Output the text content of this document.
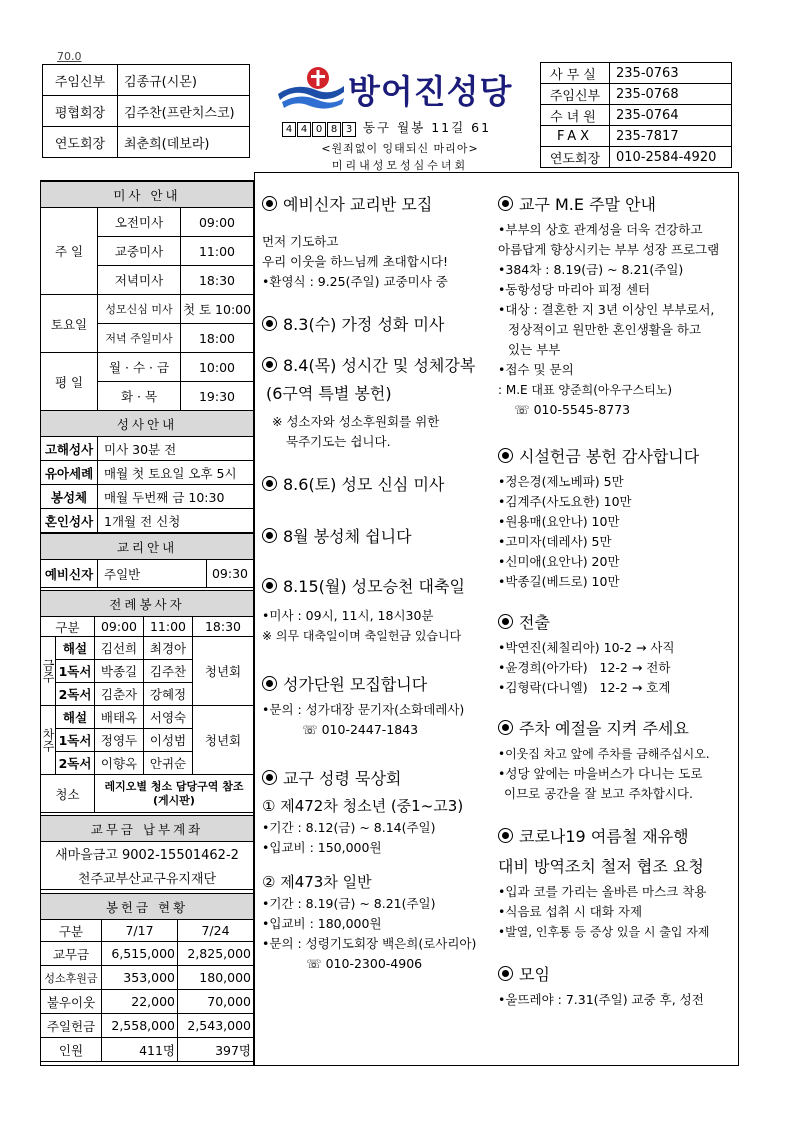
70.0
주임신부	김종규(시몬)
평협회장	김주찬(프란치스코)
연도회장	최춘희(데보라)
방어진성당
4 4 0 8 3 동구 월봉 11길 61
<원죄없이 잉태되신 마리아>
미리내성모성심수녀회
사무실	235-0763
주임신부	235-0768
수녀원	235-0764
FAX	235-7817
연도회장	010-2584-4920
미사 안내		
주 일	오전미사	09:00
	교중미사	11:00
	저녁미사	18:30
토요일	성모신심 미사	첫 토 10:00
	저녁 주일미사	18:00
평 일	월 · 수 · 금	10:00
	화 · 목	19:30
성사안내	
고해성사	미사 30분 전
유아세례	매월 첫 토요일 오후 5시
봉성체	매월 두번째 금 10:30
혼인성사	1개월 전 신청
교리안내
예비신자	주일반	09:30
전례봉사자				
구분		09:00	11:00	18:30
금주	해설	김선희	최경아	청년회
	1독서	박종길	김주찬	
	2독서	김춘자	강혜정	
차주	해설	배태옥	서영숙	청년회
	1독서	정영두	이성범	
	2독서	이향옥	안귀순	
청소		레지오별 청소 담당구역 참조 (게시판)		
교무금 납부계좌
새마을금고 9002-15501462-2
천주교부산교구유지재단
봉헌금 현황		
구분	7/17	7/24
교무금	6,515,000	2,825,000
성소후원금	353,000	180,000
불우이웃	22,000	70,000
주일헌금	2,558,000	2,543,000
인원	411명	397명
예비신자 교리반 모집
먼저 기도하고
우리 이웃을 하느님께 초대합시다!
•환영식 : 9.25(주일) 교중미사 중
8.3(수) 가정 성화 미사
8.4(목) 성시간 및 성체강복
(6구역 특별 봉헌)
※ 성소자와 성소후원회를 위한
묵주기도는 쉽니다.
8.6(토) 성모 신심 미사
8월 봉성체 쉽니다
8.15(월) 성모승천 대축일
•미사 : 09시, 11시, 18시30분
※ 의무 대축일이며 축일헌금 있습니다
성가단원 모집합니다
•문의 : 성가대장 문기자(소화데레사)
☏ 010-2447-1843
교구 성령 묵상회
① 제472차 청소년 (중1~고3)
•기간 : 8.12(금) ~ 8.14(주일)
•입교비 : 150,000원
② 제473차 일반
•기간 : 8.19(금) ~ 8.21(주일)
•입교비 : 180,000원
•문의 : 성령기도회장 백은희(로사리아)
☏ 010-2300-4906
교구 M.E 주말 안내
•부부의 상호 관계성을 더욱 건강하고
아름답게 향상시키는 부부 성장 프로그램
•384차 : 8.19(금) ~ 8.21(주일)
•동항성당 마리아 피정 센터
•대상 : 결혼한 지 3년 이상인 부부로서,
정상적이고 원만한 혼인생활을 하고
있는 부부
•접수 및 문의
: M.E 대표 양준희(아우구스티노)
☏ 010-5545-8773
시설헌금 봉헌 감사합니다
•정은경(제노베파) 5만
•김계주(사도요한) 10만
•원용매(요안나) 10만
•고미자(데레사) 5만
•신미애(요안나) 20만
•박종길(베드로) 10만
전출
•박연진(체칠리아) 10-2 → 사직
•윤경희(아가타)   12-2 → 전하
•김형락(다니엘)   12-2 → 호계
주차 예절을 지켜 주세요
•이웃집 차고 앞에 주차를 금해주십시오.
•성당 앞에는 마을버스가 다니는 도로
이므로 공간을 잘 보고 주차합시다.
코로나19 여름철 재유행
대비 방역조치 철저 협조 요청
•입과 코를 가리는 올바른 마스크 착용
•식음료 섭취 시 대화 자제
•발열, 인후통 등 증상 있을 시 출입 자제
모임
•울뜨레야 : 7.31(주일) 교중 후, 성전
